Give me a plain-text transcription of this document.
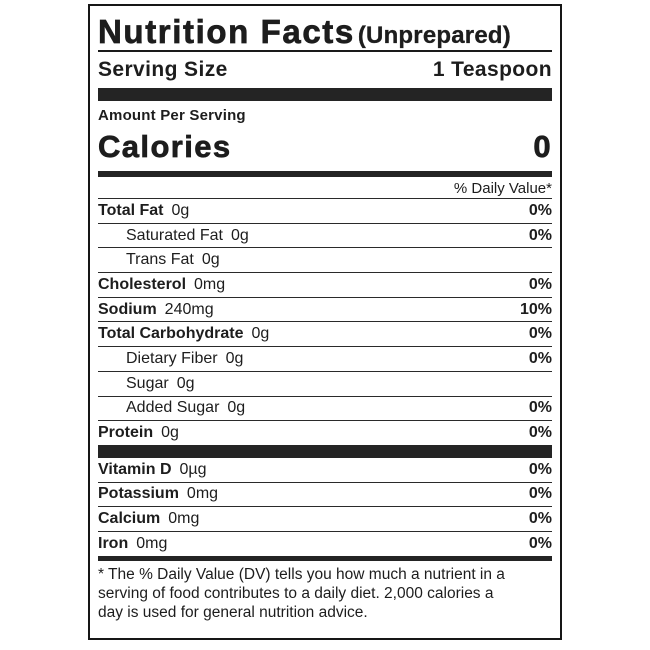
Nutrition Facts (Unprepared)
Serving Size	1 Teaspoon
Amount Per Serving
Calories	0
% Daily Value*
Total Fat 0g	0%
Saturated Fat 0g	0%
Trans Fat 0g
Cholesterol 0mg	0%
Sodium 240mg	10%
Total Carbohydrate 0g	0%
Dietary Fiber 0g	0%
Sugar 0g
Added Sugar 0g	0%
Protein 0g	0%
Vitamin D 0µg	0%
Potassium 0mg	0%
Calcium 0mg	0%
Iron 0mg	0%
* The % Daily Value (DV) tells you how much a nutrient in a
serving of food contributes to a daily diet. 2,000 calories a
day is used for general nutrition advice.
